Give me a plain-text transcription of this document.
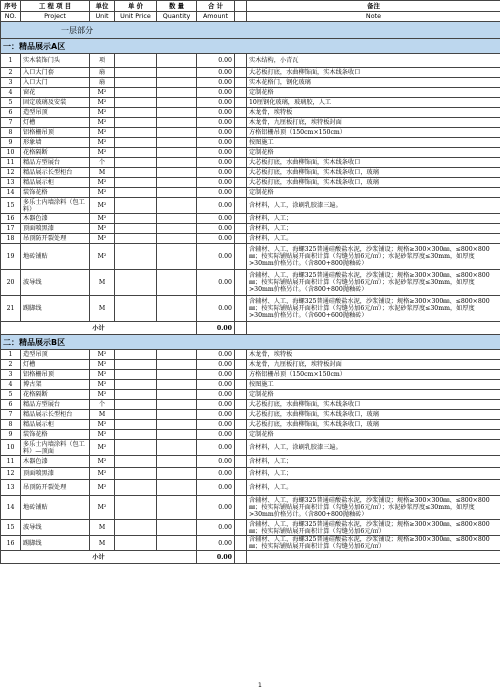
序号	工 程 项 目	单位	单 价	数 量	合 计		备注
NO.	Project	Unit	Unit Price	Quantity	Amount		Note
一层部分							
一：精品展示A区							
1	实木装饰门头	项			0.00		实木结构，小青瓦
2	入口大门套	扇			0.00		大芯板打底，水曲柳饰面，实木线条收口
3	入口大门	扇			0.00		实木花格门，钢化玻璃
4	窗花	M²			0.00		定制花格
5	固定玻璃及安装	M²			0.00		10厘钢化玻璃，玻璃胶，人工
6	造型吊顶	M²			0.00		木龙骨，埃特板
7	灯槽	M²			0.00		木龙骨，九厘板打底，埃特板封面
8	铝格栅吊顶	M²			0.00		方格铝栅吊顶（150cm×150cm）
9	形象墙	M²			0.00		按图施工
10	花格隔断	M²			0.00		定制花格
11	精品方型展台	个			0.00		大芯板打底，水曲柳饰面，实木线条收口
12	精品展示长型柜台	M			0.00		大芯板打底，水曲柳饰面，实木线条收口，玻璃
13	精品展示柜	M²			0.00		大芯板打底，水曲柳饰面，实木线条收口，玻璃
14	装饰花格	M²			0.00		定制花格
15	多乐士内墙涂料（包工料）	M²			0.00		含材料，人工，涂刷乳胶漆三遍。
16	木器色漆	M²			0.00		含材料，人工；
17	顶面喷黑漆	M²			0.00		含材料，人工；
18	吊顶防开裂处理	M²			0.00		含材料，人工。
19	地砖铺贴	M²			0.00		含辅材、人工，海螺325普通硅酸盐水泥，沙浆铺设；规格≥300×300㎜、≤800×800㎜；按实际铺贴展开面积计算（勾缝另加6元/㎡）；水泥砂浆厚度≤30mm，如厚度>30mm价格另计。（含800+800抛釉砖）
20	波导线	M			0.00		含辅材、人工，海螺325普通硅酸盐水泥，沙浆铺设；规格≥300×300㎜、≤800×800㎜；按实际铺贴展开面积计算（勾缝另加6元/㎡）；水泥砂浆厚度≤30mm，如厚度>30mm价格另计。（含800+800抛釉砖）
21	踢脚线	M			0.00		含辅材、人工，海螺325普通硅酸盐水泥，沙浆铺设；规格≥300×300㎜、≤800×800㎜；按实际铺贴展开面积计算（勾缝另加6元/㎡）；水泥砂浆厚度≤30mm，如厚度>30mm价格另计。（含600+600抛釉砖）
小计					0.00		
二：精品展示B区							
1	造型吊顶	M²			0.00		木龙骨，埃特板
2	灯槽	M²			0.00		木龙骨，九厘板打底，埃特板封面
3	铝格栅吊顶	M²			0.00		方格铝栅吊顶（150cm×150cm）
4	博古架	M²			0.00		按图施工
5	花格隔断	M²			0.00		定制花格
6	精品方型展台	个			0.00		大芯板打底，水曲柳饰面，实木线条收口
7	精品展示长型柜台	M			0.00		大芯板打底，水曲柳饰面，实木线条收口，玻璃
8	精品展示柜	M²			0.00		大芯板打底，水曲柳饰面，实木线条收口，玻璃
9	装饰花格	M²			0.00		定制花格
10	多乐士内墙涂料（包工料）—顶面	M²			0.00		含材料，人工，涂刷乳胶漆三遍。
11	木器色漆	M²			0.00		含材料，人工；
12	顶面喷黑漆	M²			0.00		含材料，人工；
13	吊顶防开裂处理	M²			0.00		含材料，人工。
14	地砖铺贴	M²			0.00		含辅材、人工，海螺325普通硅酸盐水泥，沙浆铺设；规格≥300×300㎜、≤800×800㎜；按实际铺贴展开面积计算（勾缝另加6元/㎡）；水泥砂浆厚度≤30mm，如厚度>30mm价格另计。（含800+800抛釉砖）
15	波导线	M			0.00		含辅材、人工，海螺325普通硅酸盐水泥，沙浆铺设；规格≥300×300㎜、≤800×800㎜；按实际铺贴展开面积计算（勾缝另加6元/㎡）
16	踢脚线	M			0.00		含辅材、人工，海螺325普通硅酸盐水泥，沙浆铺设；规格≥300×300㎜、≤800×800㎜；按实际铺贴展开面积计算（勾缝另加6元/㎡）
小计					0.00		
1
